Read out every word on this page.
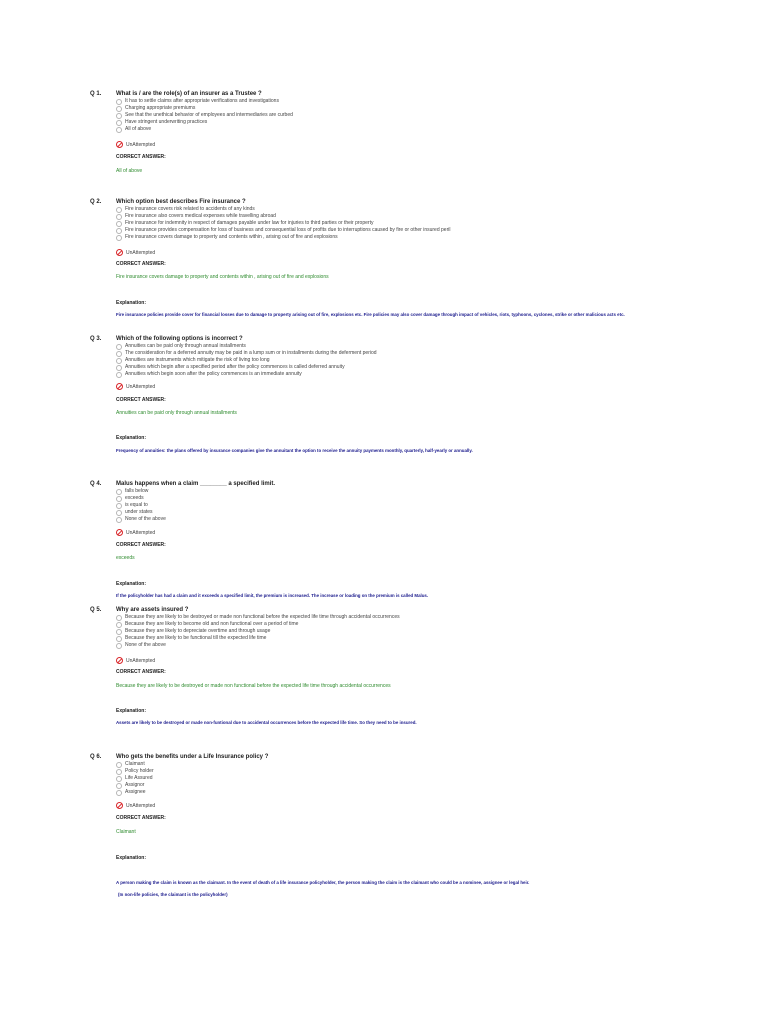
Q 1. What is / are the role(s) of an insurer as a Trustee ?
It has to settle claims after appropriate verifications and investigations
Charging appropriate premiums
See that the unethical behavior of employees and intermediaries are curbed
Have stringent underwriting practices
All of above
UnAttempted
CORRECT ANSWER:
All of above
Q 2. Which option best describes Fire insurance ?
Fire insurance covers risk related to accidents of any kinds
Fire insurance also covers medical expenses while travelling abroad
Fire insurance for indemnity in respect of damages payable under law for injuries to third parties or their property
Fire insurance provides compensation for loss of business and consequential loss of profits due to interruptions caused by fire or other insured peril
Fire insurance covers damage to property and contents within , arising out of fire and explosions
UnAttempted
CORRECT ANSWER:
Fire insurance covers damage to property and contents within , arising out of fire and explosions
Explanation:
Fire insurance policies provide cover for financial losses due to damage to property arising out of fire, explosions etc. Fire policies may also cover damage through impact of vehicles, riots, typhoons, cyclones, strike or other malicious acts etc.
Q 3. Which of the following options is incorrect ?
Annuities can be paid only through annual installments
The consideration for a deferred annuity may be paid in a lump sum or in installments during the deferment period
Annuities are instruments which mitigate the risk of living too long
Annuities which begin after a specified period after the policy commences is called deferred annuity
Annuities which begin soon after the policy commences is an immediate annuity
UnAttempted
CORRECT ANSWER:
Annuities can be paid only through annual installments
Explanation:
Frequency of annuities: the plans offered by insurance companies give the annuitant the option to receive the annuity payments monthly, quarterly, half-yearly or annually.
Q 4. Malus happens when a claim ________ a specified limit.
falls below
exceeds
is equal to
under states
None of the above
UnAttempted
CORRECT ANSWER:
exceeds
Explanation:
If the policyholder has had a claim and it exceeds a specified limit, the premium is increased. The increase or loading on the premium is called Malus.
Q 5. Why are assets insured ?
Because they are likely to be destroyed or made non functional before the expected life time through accidental occurrences
Because they are likely to become old and non functional over a period of time
Because they are likely to depreciate overtime and through usage
Because they are likely to be functional till the expected life time
None of the above
UnAttempted
CORRECT ANSWER:
Because they are likely to be destroyed or made non functional before the expected life time through accidental occurrences
Explanation:
Assets are likely to be destroyed or made non-funtional due to accidental occurrences before the expected life time. So they need to be insured.
Q 6. Who gets the benefits under a Life Insurance policy ?
Claimant
Policy holder
Life Assured
Assignor
Assignee
UnAttempted
CORRECT ANSWER:
Claimant
Explanation:
A person making the claim is known as the claimant. In the event of death of a life insurance policyholder, the person making the claim is the claimant who could be a nominee, assignee or legal heir.
(In non-life policies, the claimant is the policyholder)
